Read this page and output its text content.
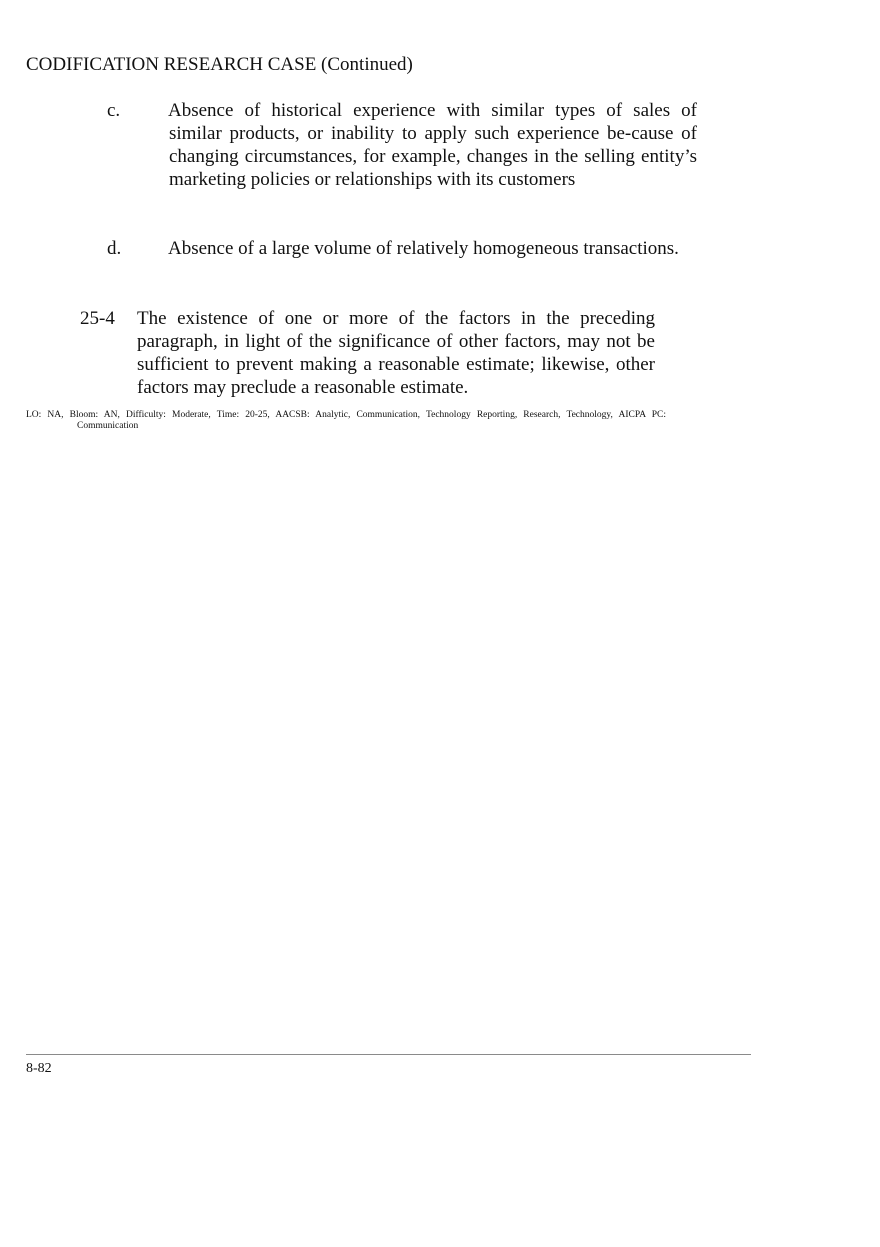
CODIFICATION RESEARCH CASE (Continued)
c.	Absence of historical experience with similar types of sales of similar products, or inability to apply such experience be-cause of changing circumstances, for example, changes in the selling entity’s marketing policies or relationships with its customers
d. Absence of a large volume of relatively homogeneous transactions.
25-4 The existence of one or more of the factors in the preceding paragraph, in light of the significance of other factors, may not be sufficient to prevent making a reasonable estimate; likewise, other factors may preclude a reasonable estimate.
LO: NA, Bloom: AN, Difficulty: Moderate, Time: 20-25, AACSB: Analytic, Communication, Technology Reporting, Research, Technology, AICPA PC: Communication
8-82
